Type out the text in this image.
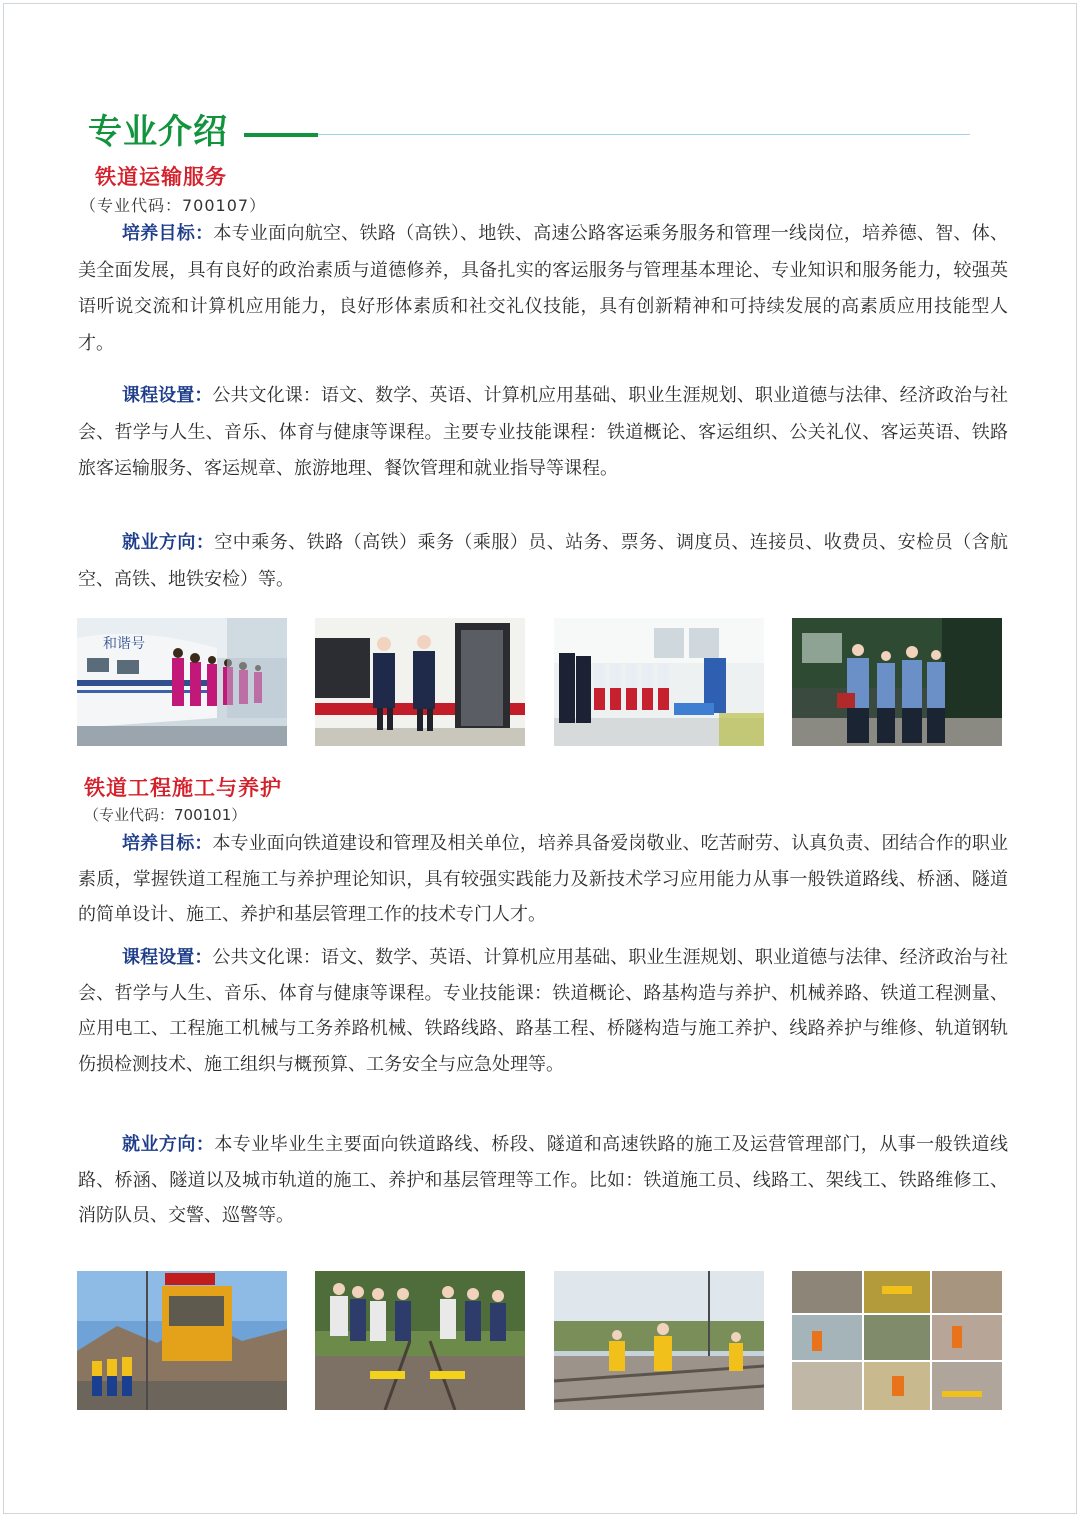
专业介绍
铁道运输服务
（专业代码：700107）

培养目标：本专业面向航空、铁路（高铁）、地铁、高速公路客运乘务服务和管理一线岗位，培养德、智、体、美全面发展，具有良好的政治素质与道德修养，具备扎实的客运服务与管理基本理论、专业知识和服务能力，较强英语听说交流和计算机应用能力，良好形体素质和社交礼仪技能，具有创新精神和可持续发展的高素质应用技能型人才。

课程设置：公共文化课：语文、数学、英语、计算机应用基础、职业生涯规划、职业道德与法律、经济政治与社会、哲学与人生、音乐、体育与健康等课程。主要专业技能课程：铁道概论、客运组织、公关礼仪、客运英语、铁路旅客运输服务、客运规章、旅游地理、餐饮管理和就业指导等课程。

就业方向：空中乘务、铁路（高铁）乘务（乘服）员、站务、票务、调度员、连接员、收费员、安检员（含航空、高铁、地铁安检）等。

和谐号
铁道工程施工与养护
（专业代码：700101）

培养目标：本专业面向铁道建设和管理及相关单位，培养具备爱岗敬业、吃苦耐劳、认真负责、团结合作的职业素质，掌握铁道工程施工与养护理论知识，具有较强实践能力及新技术学习应用能力从事一般铁道路线、桥涵、隧道的简单设计、施工、养护和基层管理工作的技术专门人才。

课程设置：公共文化课：语文、数学、英语、计算机应用基础、职业生涯规划、职业道德与法律、经济政治与社会、哲学与人生、音乐、体育与健康等课程。专业技能课：铁道概论、路基构造与养护、机械养路、铁道工程测量、应用电工、工程施工机械与工务养路机械、铁路线路、路基工程、桥隧构造与施工养护、线路养护与维修、轨道钢轨伤损检测技术、施工组织与概预算、工务安全与应急处理等。

就业方向：本专业毕业生主要面向铁道路线、桥段、隧道和高速铁路的施工及运营管理部门，从事一般铁道线路、桥涵、隧道以及城市轨道的施工、养护和基层管理等工作。比如：铁道施工员、线路工、架线工、铁路维修工、消防队员、交警、巡警等。
